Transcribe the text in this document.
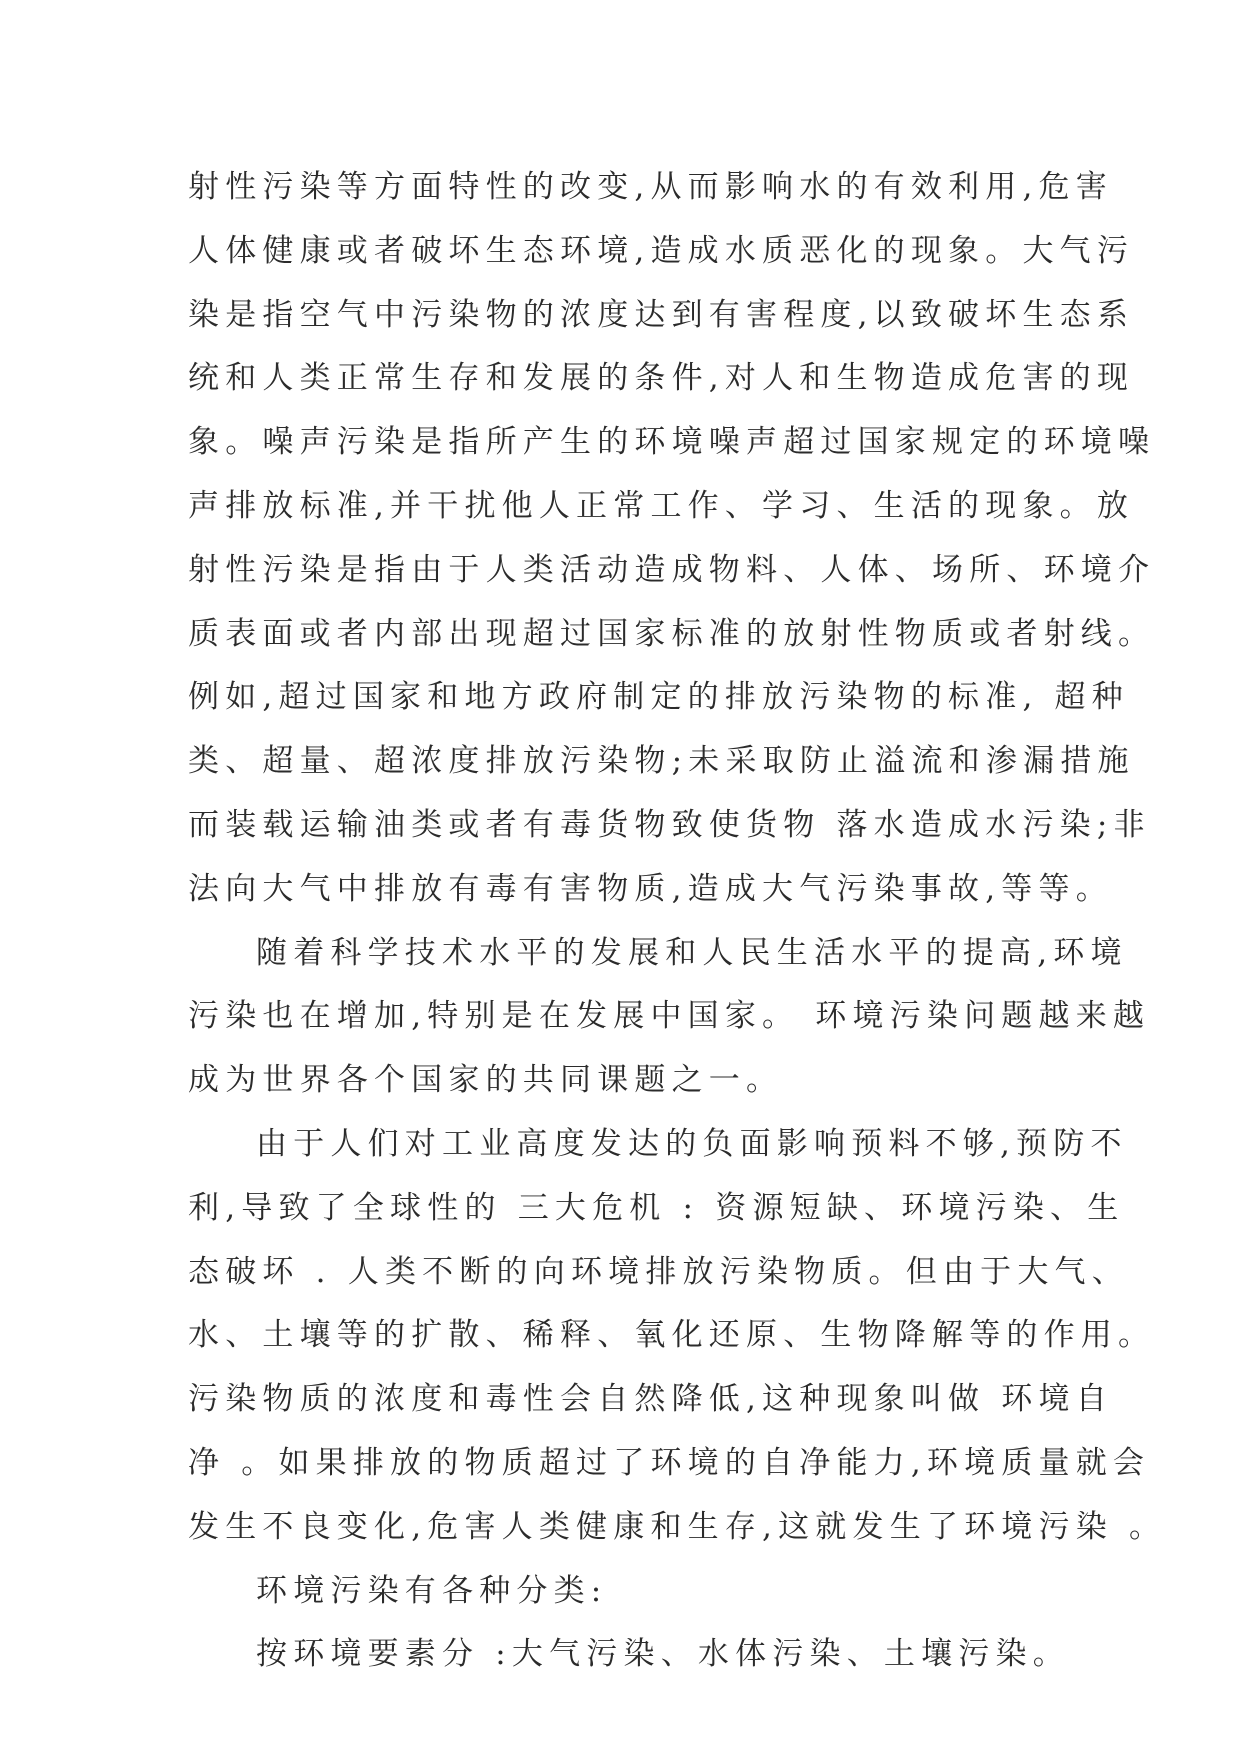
射性污染等方面特性的改变,从而影响水的有效利用,危害
人体健康或者破坏生态环境,造成水质恶化的现象。大气污
染是指空气中污染物的浓度达到有害程度,以致破坏生态系
统和人类正常生存和发展的条件,对人和生物造成危害的现
象。噪声污染是指所产生的环境噪声超过国家规定的环境噪
声排放标准,并干扰他人正常工作、学习、生活的现象。放
射性污染是指由于人类活动造成物料、人体、场所、环境介
质表面或者内部出现超过国家标准的放射性物质或者射线。
例如,超过国家和地方政府制定的排放污染物的标准, 超种
类、超量、超浓度排放污染物;未采取防止溢流和渗漏措施
而装载运输油类或者有毒货物致使货物 落水造成水污染;非
法向大气中排放有毒有害物质,造成大气污染事故,等等。
随着科学技术水平的发展和人民生活水平的提高,环境
污染也在增加,特别是在发展中国家。 环境污染问题越来越
成为世界各个国家的共同课题之一。
由于人们对工业高度发达的负面影响预料不够,预防不
利,导致了全球性的 三大危机 : 资源短缺、环境污染、生
态破坏 . 人类不断的向环境排放污染物质。但由于大气、
水、土壤等的扩散、稀释、氧化还原、生物降解等的作用。
污染物质的浓度和毒性会自然降低,这种现象叫做 环境自
净 。如果排放的物质超过了环境的自净能力,环境质量就会
发生不良变化,危害人类健康和生存,这就发生了环境污染 。
环境污染有各种分类:
按环境要素分 :大气污染、水体污染、土壤污染。
